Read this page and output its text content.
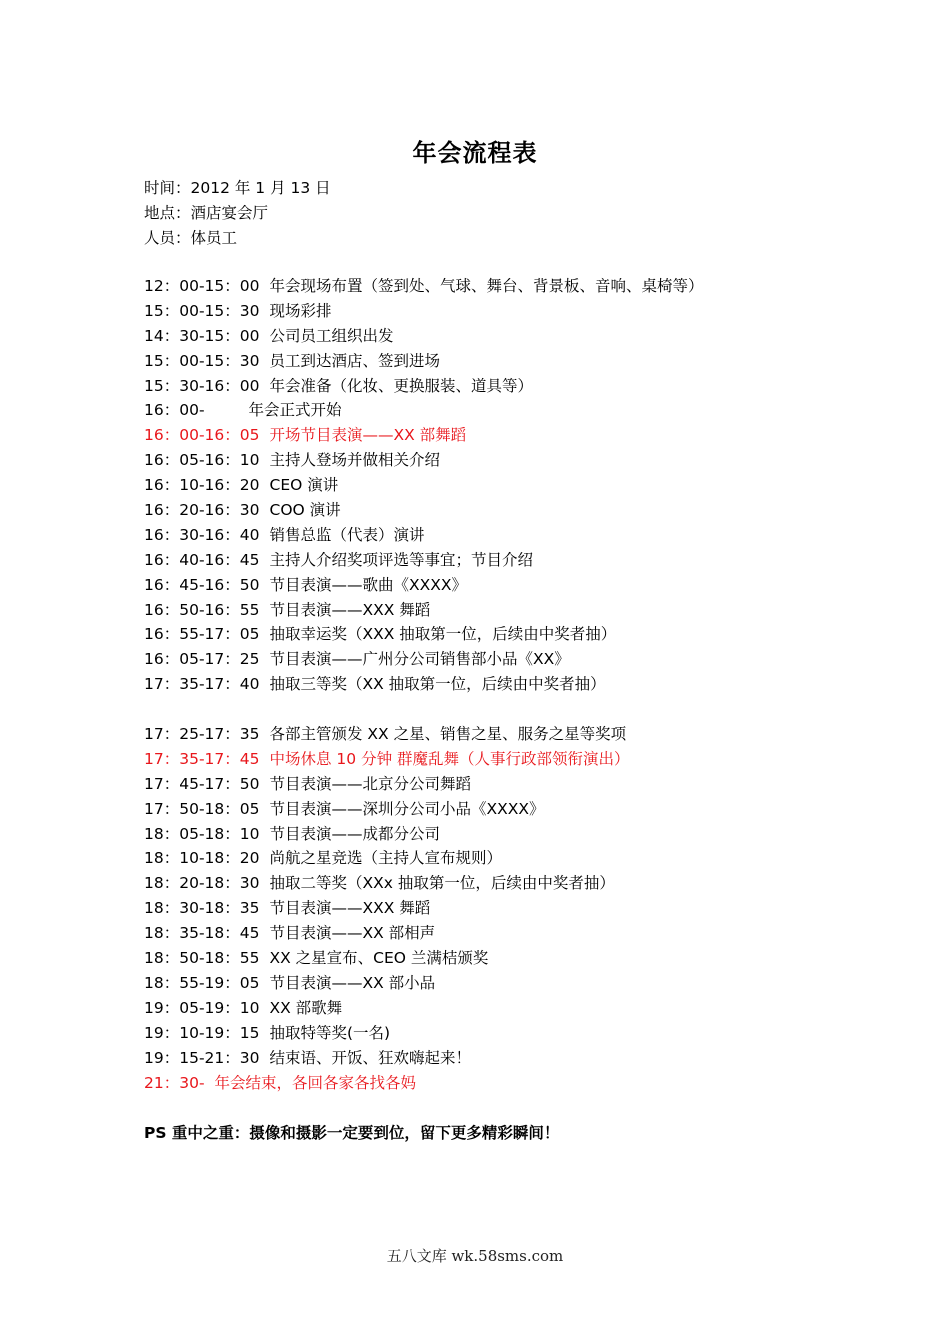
年会流程表
时间：2012 年 1 月 13 日
地点：酒店宴会厅
人员：体员工
12：00-15：00 年会现场布置（签到处、气球、舞台、背景板、音响、桌椅等）
15：00-15：30 现场彩排
14：30-15：00 公司员工组织出发
15：00-15：30 员工到达酒店、签到进场
15：30-16：00 年会准备（化妆、更换服装、道具等）
16：00-	年会正式开始
16：00-16：05 开场节目表演——XX 部舞蹈
16：05-16：10 主持人登场并做相关介绍
16：10-16：20 CEO 演讲
16：20-16：30 COO 演讲
16：30-16：40 销售总监（代表）演讲
16：40-16：45 主持人介绍奖项评选等事宜；节目介绍
16：45-16：50 节目表演——歌曲《XXXX》
16：50-16：55 节目表演——XXX 舞蹈
16：55-17：05 抽取幸运奖（XXX 抽取第一位，后续由中奖者抽）
16：05-17：25 节目表演——广州分公司销售部小品《XX》
17：35-17：40 抽取三等奖（XX 抽取第一位，后续由中奖者抽）
17：25-17：35 各部主管颁发 XX 之星、销售之星、服务之星等奖项
17：35-17：45 中场休息 10 分钟 群魔乱舞（人事行政部领衔演出）
17：45-17：50 节目表演——北京分公司舞蹈
17：50-18：05 节目表演——深圳分公司小品《XXXX》
18：05-18：10 节目表演——成都分公司
18：10-18：20 尚航之星竞选（主持人宣布规则）
18：20-18：30 抽取二等奖（XXx 抽取第一位，后续由中奖者抽）
18：30-18：35 节目表演——XXX 舞蹈
18：35-18：45 节目表演——XX 部相声
18：50-18：55 XX 之星宣布、CEO 兰满桔颁奖
18：55-19：05 节目表演——XX 部小品
19：05-19：10 XX 部歌舞
19：10-19：15 抽取特等奖(一名)
19：15-21：30 结束语、开饭、狂欢嗨起来！
21：30- 年会结束，各回各家各找各妈
PS 重中之重：摄像和摄影一定要到位，留下更多精彩瞬间！
五八文库 wk.58sms.com
